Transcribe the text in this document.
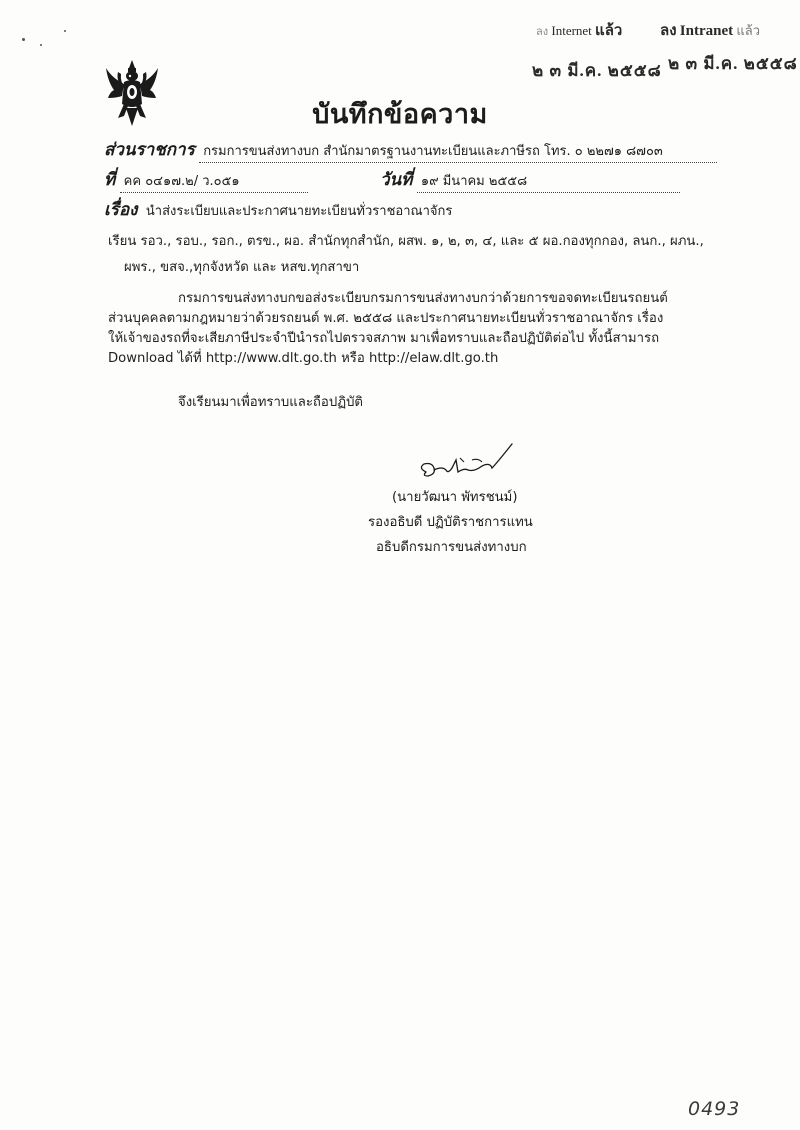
ลง Internet แล้ว	ลง Intranet แล้ว
๒ ๓ มี.ค. ๒๕๕๘ ๒ ๓ มี.ค. ๒๕๕๘
บันทึกข้อความ
ส่วนราชการ กรมการขนส่งทางบก สำนักมาตรฐานงานทะเบียนและภาษีรถ โทร. ๐ ๒๒๗๑ ๘๗๐๓
ที่ คค ๐๔๑๗.๒/ ว.๐๕๑	วันที่ ๑๙ มีนาคม ๒๕๕๘
เรื่อง นำส่งระเบียบและประกาศนายทะเบียนทั่วราชอาณาจักร
เรียน รอว., รอบ., รอก., ตรข., ผอ. สำนักทุกสำนัก, ผสพ. ๑, ๒, ๓, ๔, และ ๕ ผอ.กองทุกกอง, ลนก., ผภน.,
ผพร., ขสจ.,ทุกจังหวัด และ หสข.ทุกสาขา
กรมการขนส่งทางบกขอส่งระเบียบกรมการขนส่งทางบกว่าด้วยการขอจดทะเบียนรถยนต์
ส่วนบุคคลตามกฎหมายว่าด้วยรถยนต์ พ.ศ. ๒๕๕๘ และประกาศนายทะเบียนทั่วราชอาณาจักร เรื่อง
ให้เจ้าของรถที่จะเสียภาษีประจำปีนำรถไปตรวจสภาพ มาเพื่อทราบและถือปฏิบัติต่อไป ทั้งนี้สามารถ
Download ได้ที่ http://www.dlt.go.th หรือ http://elaw.dlt.go.th
จึงเรียนมาเพื่อทราบและถือปฏิบัติ
(นายวัฒนา พัทรชนม์)
รองอธิบดี ปฏิบัติราชการแทน
อธิบดีกรมการขนส่งทางบก
0493
